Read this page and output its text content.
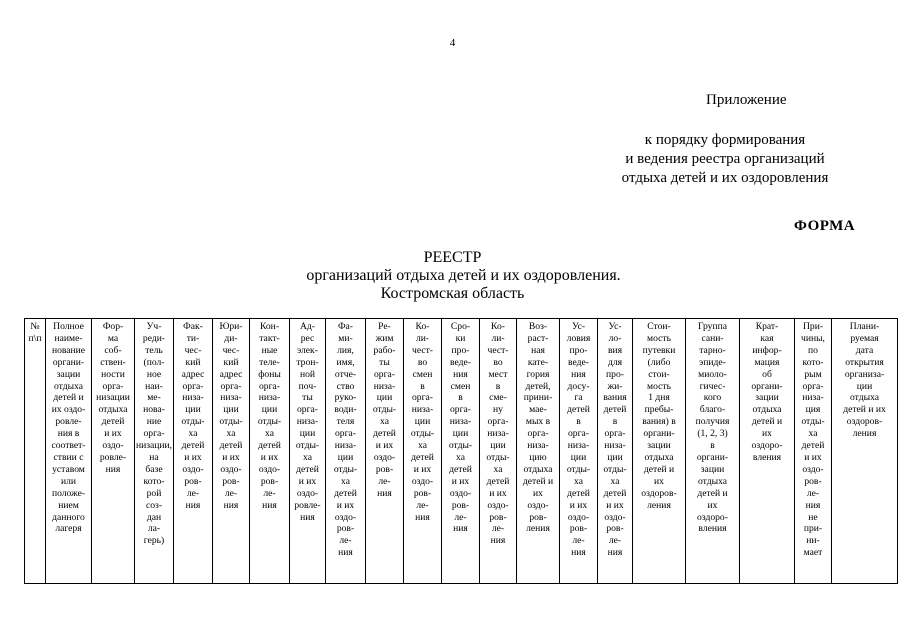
4
Приложение
к порядку формирования
и ведения реестра организаций
отдыха детей и их оздоровления
ФОРМА
РЕЕСТР
организаций отдыха детей и их оздоровления.
Костромская область
№
п\п

Полное
наиме-
нование
органи-
зации
отдыха
детей и
их оздо-
ровле-
ния в
соответ-
ствии с
уставом
или
положе-
нием
данного
лагеря

Фор-
ма
соб-
ствен-
ности
орга-
низации
отдыха
детей
и их
оздо-
ровле-
ния

Уч-
реди-
тель
(пол-
ное
наи-
ме-
нова-
ние
орга-
низации,
на
базе
кото-
рой
соз-
дан
ла-
герь)

Фак-
ти-
чес-
кий
адрес
орга-
низа-
ции
отды-
ха
детей
и их
оздо-
ров-
ле-
ния

Юри-
ди-
чес-
кий
адрес
орга-
низа-
ции
отды-
ха
детей
и их
оздо-
ров-
ле-
ния

Кон-
такт-
ные
теле-
фоны
орга-
низа-
ции
отды-
ха
детей
и их
оздо-
ров-
ле-
ния

Ад-
рес
элек-
трон-
ной
поч-
ты
орга-
низа-
ции
отды-
ха
детей
и их
оздо-
ровле-
ния

Фа-
ми-
лия,
имя,
отче-
ство
руко-
води-
теля
орга-
низа-
ции
отды-
ха
детей
и их
оздо-
ров-
ле-
ния

Ре-
жим
рабо-
ты
орга-
низа-
ции
отды-
ха
детей
и их
оздо-
ров-
ле-
ния

Ко-
ли-
чест-
во
смен
в
орга-
низа-
ции
отды-
ха
детей
и их
оздо-
ров-
ле-
ния

Сро-
ки
про-
веде-
ния
смен
в
орга-
низа-
ции
отды-
ха
детей
и их
оздо-
ров-
ле-
ния

Ко-
ли-
чест-
во
мест
в
сме-
ну
орга-
низа-
ции
отды-
ха
детей
и их
оздо-
ров-
ле-
ния

Воз-
раст-
ная
кате-
гория
детей,
прини-
мае-
мых в
орга-
низа-
цию
отдыха
детей и
их
оздо-
ров-
ления

Ус-
ловия
про-
веде-
ния
досу-
га
детей
в
орга-
низа-
ции
отды-
ха
детей
и их
оздо-
ров-
ле-
ния

Ус-
ло-
вия
для
про-
жи-
вания
детей
в
орга-
низа-
ции
отды-
ха
детей
и их
оздо-
ров-
ле-
ния

Стои-
мость
путевки
(либо
стои-
мость
1 дня
пребы-
вания) в
органи-
зации
отдыха
детей и
их
оздоров-
ления

Группа
сани-
тарно-
эпиде-
миоло-
гичес-
кого
благо-
получия
(1, 2, 3)
в
органи-
зации
отдыха
детей и
их
оздоро-
вления

Крат-
кая
инфор-
мация
об
органи-
зации
отдыха
детей и
их
оздоро-
вления

При-
чины,
по
кото-
рым
орга-
низа-
ция
отды-
ха
детей
и их
оздо-
ров-
ле-
ния
не
при-
ни-
мает

Плани-
руемая
дата
открытия
организа-
ции
отдыха
детей и их
оздоров-
ления
